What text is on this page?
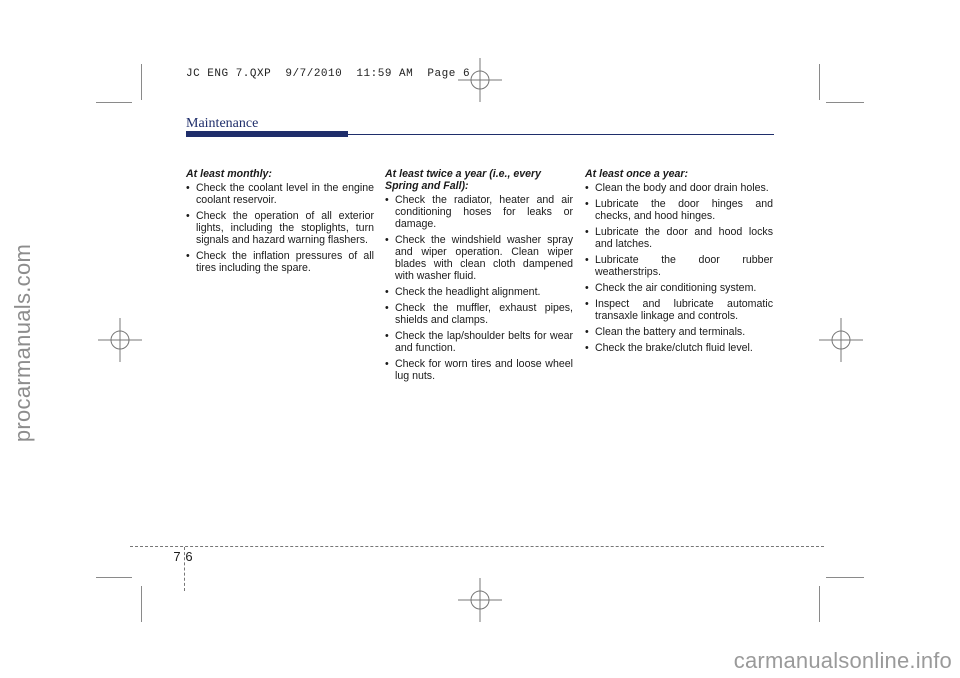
JC ENG 7.QXP  9/7/2010  11:59 AM  Page 6
procarmanuals.com
carmanualsonline.info
Maintenance
At least monthly:
• Check the coolant level in the engine coolant reservoir.
• Check the operation of all exterior lights, including the stoplights, turn signals and hazard warning flashers.
• Check the inflation pressures of all tires including the spare.
At least twice a year (i.e., every Spring and Fall):
• Check the radiator, heater and air conditioning hoses for leaks or damage.
• Check the windshield washer spray and wiper operation. Clean wiper blades with clean cloth dampened with washer fluid.
• Check the headlight alignment.
• Check the muffler, exhaust pipes, shields and clamps.
• Check the lap/shoulder belts for wear and function.
• Check for worn tires and loose wheel lug nuts.
At least once a year:
• Clean the body and door drain holes.
• Lubricate the door hinges and checks, and hood hinges.
• Lubricate the door and hood locks and latches.
• Lubricate the door rubber weatherstrips.
• Check the air conditioning system.
• Inspect and lubricate automatic transaxle linkage and controls.
• Clean the battery and terminals.
• Check the brake/clutch fluid level.
7 6
